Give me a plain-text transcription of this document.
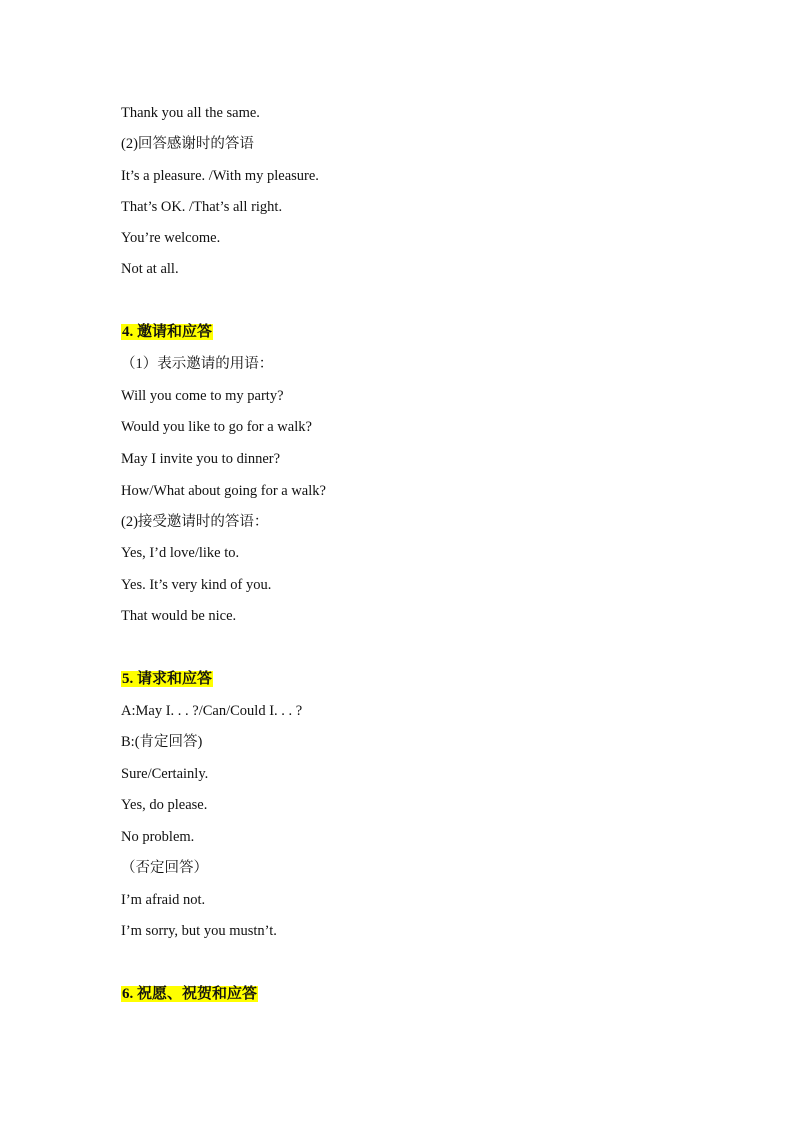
Thank you all the same.
(2)回答感谢时的答语
It’s a pleasure. /With my pleasure.
That’s OK. /That’s all right.
You’re welcome.
Not at all.
4. 邀请和应答
（1）表示邀请的用语：
Will you come to my party?
Would you like to go for a walk?
May I invite you to dinner?
How/What about going for a walk?
(2)接受邀请时的答语：
Yes, I’d love/like to.
Yes. It’s very kind of you.
That would be nice.
5. 请求和应答
A:May I. . . ?/Can/Could I. . . ?
B:(肯定回答)
Sure/Certainly.
Yes, do please.
No problem.
（否定回答）
I’m afraid not.
I’m sorry, but you mustn’t.
6. 祝愿、祝贺和应答
